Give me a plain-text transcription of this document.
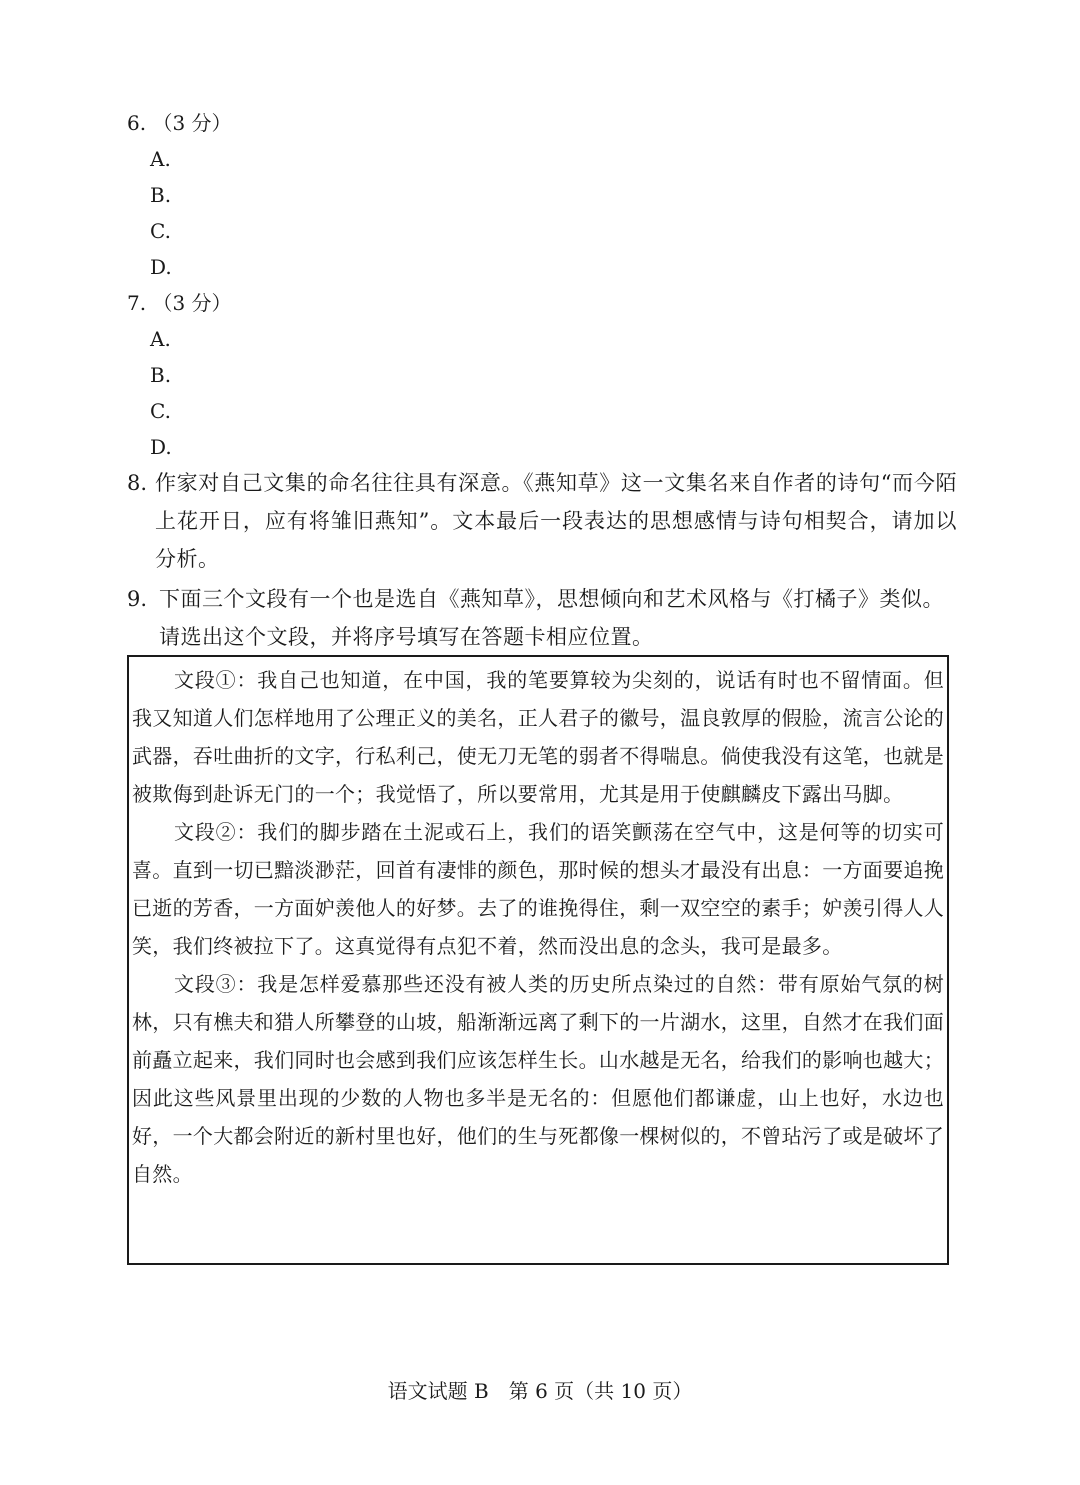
6. （3 分）
A.
B.
C.
D.
7. （3 分）
A.
B.
C.
D.
8. 作家对自己文集的命名往往具有深意。《燕知草》这一文集名来自作者的诗句“而今陌上花开日，应有将雏旧燕知”。文本最后一段表达的思想感情与诗句相契合，请加以分析。
9. 下面三个文段有一个也是选自《燕知草》，思想倾向和艺术风格与《打橘子》类似。请选出这个文段，并将序号填写在答题卡相应位置。

文段①：我自己也知道，在中国，我的笔要算较为尖刻的，说话有时也不留情面。但我又知道人们怎样地用了公理正义的美名，正人君子的徽号，温良敦厚的假脸，流言公论的武器，吞吐曲折的文字，行私利己，使无刀无笔的弱者不得喘息。倘使我没有这笔，也就是被欺侮到赴诉无门的一个；我觉悟了，所以要常用，尤其是用于使麒麟皮下露出马脚。

文段②：我们的脚步踏在土泥或石上，我们的语笑颤荡在空气中，这是何等的切实可喜。直到一切已黯淡渺茫，回首有凄悱的颜色，那时候的想头才最没有出息：一方面要追挽已逝的芳香，一方面妒羡他人的好梦。去了的谁挽得住，剩一双空空的素手；妒羡引得人人笑，我们终被拉下了。这真觉得有点犯不着，然而没出息的念头，我可是最多。

文段③：我是怎样爱慕那些还没有被人类的历史所点染过的自然：带有原始气氛的树林，只有樵夫和猎人所攀登的山坡，船渐渐远离了剩下的一片湖水，这里，自然才在我们面前矗立起来，我们同时也会感到我们应该怎样生长。山水越是无名，给我们的影响也越大；因此这些风景里出现的少数的人物也多半是无名的：但愿他们都谦虚，山上也好，水边也好，一个大都会附近的新村里也好，他们的生与死都像一棵树似的，不曾玷污了或是破坏了自然。

语文试题 B　第 6 页（共 10 页）
